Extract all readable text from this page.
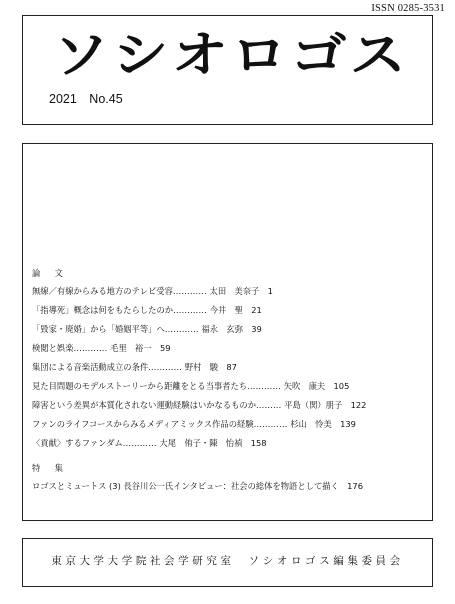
ISSN 0285-3531
ソシオロゴス
2021 No.45
論　文
無線／有線からみる地方のテレビ受容………… 太田　美奈子　 1
「指導死」概念は何をもたらしたのか………… 今井　聖　 21
「毀家・廃婚」から「婚姻平等」へ………… 福永　玄弥　 39
検閲と娯楽………… 毛里　裕一　 59
集団による音楽活動成立の条件………… 野村　駿　 87
見た目問題のモデルストーリーから距離をとる当事者たち………… 矢吹　康夫　 105
障害という差異が本質化されない運動経験はいかなるものか……… 平島（関）朋子　 122
ファンのライフコースからみるメディアミックス作品の経験………… 杉山　怜美　 139
〈貢献〉するファンダム………… 大尾　侑子・陳　怡禎　 158
特　集
ロゴスとミュートス (3) 長谷川公一氏インタビュー：社会の総体を物語として描く　 176
東京大学大学院社会学研究室　ソシオロゴス編集委員会
